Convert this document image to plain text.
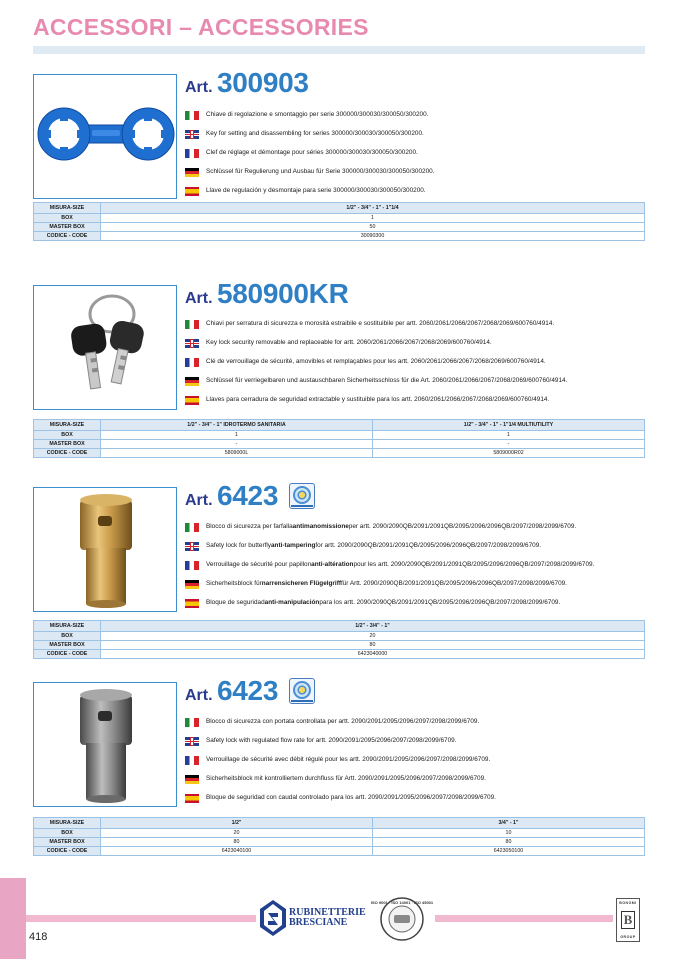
ACCESSORI – ACCESSORIES
Art. 300903
Chiave di regolazione e smontaggio per serie 300000/300030/300050/300200.
Key for setting and disassembling for series 300000/300030/300050/300200.
Clef de réglage et démontage pour séries 300000/300030/300050/300200.
Schlüssel für Regulierung und Ausbau für Serie 300000/300030/300050/300200.
Llave de regulación y desmontaje para serie 300000/300030/300050/300200.
MISURA-SIZE	1/2" - 3/4" - 1" - 1"1/4
BOX	1
MASTER BOX	50
CODICE - CODE	30090300
Art. 580900KR
Chiavi per serratura di sicurezza e morosità estraibile e sostituibile per artt. 2060/2061/2066/2067/2068/2069/600760/4914.
Key lock security removable and replaceable for artt. 2060/2061/2066/2067/2068/2069/600760/4914.
Clé de verrouillage de sécurité, amovibles et remplaçables pour les artt. 2060/2061/2066/2067/2068/2069/600760/4914.
Schlüssel für verriegelbaren und austauschbaren Sicherheitsschloss für die Art. 2060/2061/2066/2067/2068/2069/600760/4914.
Llaves para cerradura de seguridad extractable y sustituible para los artt. 2060/2061/2066/2067/2068/2069/600760/4914.
MISURA-SIZE	1/2" - 3/4" - 1" IDROTERMO SANITARIA	1/2" - 3/4" - 1" - 1"1/4 MULTIUTILITY
BOX	1	1
MASTER BOX	-	-
CODICE - CODE	5809000L	5809000R02
Art. 6423
Blocco di sicurezza per farfalla antimanomissione per artt. 2090/2090QB/2091/2091QB/2095/2096/2096QB/2097/2098/2099/6709.
Safety lock for butterfly anti-tampering for artt. 2090/2090QB/2091/2091QB/2095/2096/2096QB/2097/2098/2099/6709.
Verrouillage de sécurité pour papillon anti-altération pour les artt. 2090/2090QB/2091/2091QB/2095/2096/2096QB/2097/2098/2099/6709.
Sicherheitsblock für narrensicheren Flügelgriff für Artt. 2090/2090QB/2091/2091QB/2095/2096/2096QB/2097/2098/2099/6709.
Bloque de seguridad anti-manipulación para los artt. 2090/2090QB/2091/2091QB/2095/2096/2096QB/2097/2098/2099/6709.
MISURA-SIZE	1/2" - 3/4" - 1"
BOX	20
MASTER BOX	80
CODICE - CODE	6423040000
Art. 6423
Blocco di sicurezza con portata controllata per artt. 2090/2091/2095/2096/2097/2098/2099/6709.
Safety lock with regulated flow rate for artt. 2090/2091/2095/2096/2097/2098/2099/6709.
Verrouillage de sécurité avec débit régulé pour les artt. 2090/2091/2095/2096/2097/2098/2099/6709.
Sicherheitsblock mit kontrolliertem durchfluss für Artt. 2090/2091/2095/2096/2097/2098/2099/6709.
Bloque de seguridad con caudal controlado para los artt. 2090/2091/2095/2096/2097/2098/2099/6709.
MISURA-SIZE	1/2"	3/4" - 1"
BOX	20	10
MASTER BOX	80	80
CODICE - CODE	6423040100	6423050100
418
RUBINETTERIE
BRESCIANE
ISO 9001 · ISO 14001 · ISO 45001	BONOMI
B
GROUP
